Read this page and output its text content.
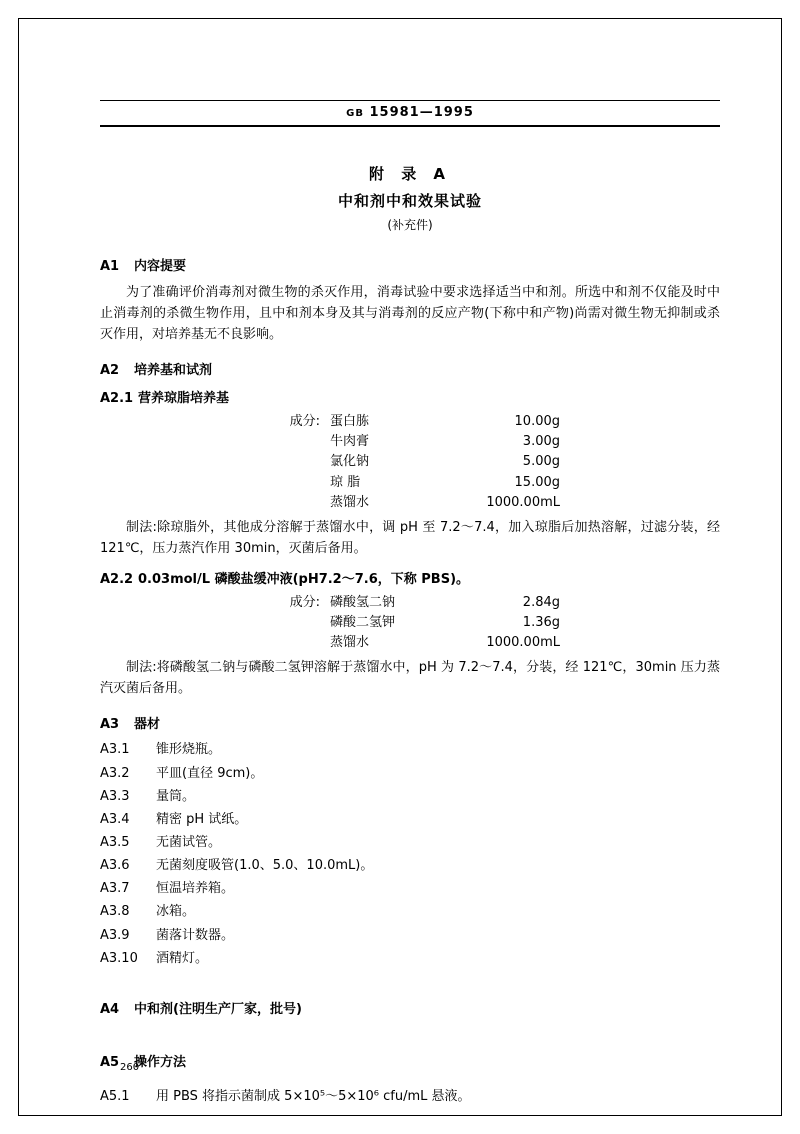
GB 15981—1995
附 录 A
中和剂中和效果试验
(补充件)
A1 内容提要

为了准确评价消毒剂对微生物的杀灭作用，消毒试验中要求选择适当中和剂。所选中和剂不仅能及时中止消毒剂的杀微生物作用，且中和剂本身及其与消毒剂的反应产物(下称中和产物)尚需对微生物无抑制或杀灭作用，对培养基无不良影响。

A2 培养基和试剂
A2.1 营养琼脂培养基
成分: 蛋白胨	10.00g
牛肉膏	3.00g
氯化钠	5.00g
琼 脂	15.00g
蒸馏水	1000.00mL

制法:除琼脂外，其他成分溶解于蒸馏水中，调 pH 至 7.2～7.4，加入琼脂后加热溶解，过滤分装，经121℃，压力蒸汽作用 30min，灭菌后备用。

A2.2 0.03mol/L 磷酸盐缓冲液(pH7.2～7.6，下称 PBS)。
成分: 磷酸氢二钠	2.84g
磷酸二氢钾	1.36g
蒸馏水	1000.00mL

制法:将磷酸氢二钠与磷酸二氢钾溶解于蒸馏水中，pH 为 7.2～7.4，分装，经 121℃，30min 压力蒸汽灭菌后备用。

A3 器材
A3.1	锥形烧瓶。
A3.2	平皿(直径 9cm)。
A3.3	量筒。
A3.4	精密 pH 试纸。
A3.5	无菌试管。
A3.6	无菌刻度吸管(1.0、5.0、10.0mL)。
A3.7	恒温培养箱。
A3.8	冰箱。
A3.9	菌落计数器。
A3.10	酒精灯。
A4 中和剂(注明生产厂家，批号)
A5 操作方法
A5.1	用 PBS 将指示菌制成 5×10⁵～5×10⁶ cfu/mL 悬液。
260
